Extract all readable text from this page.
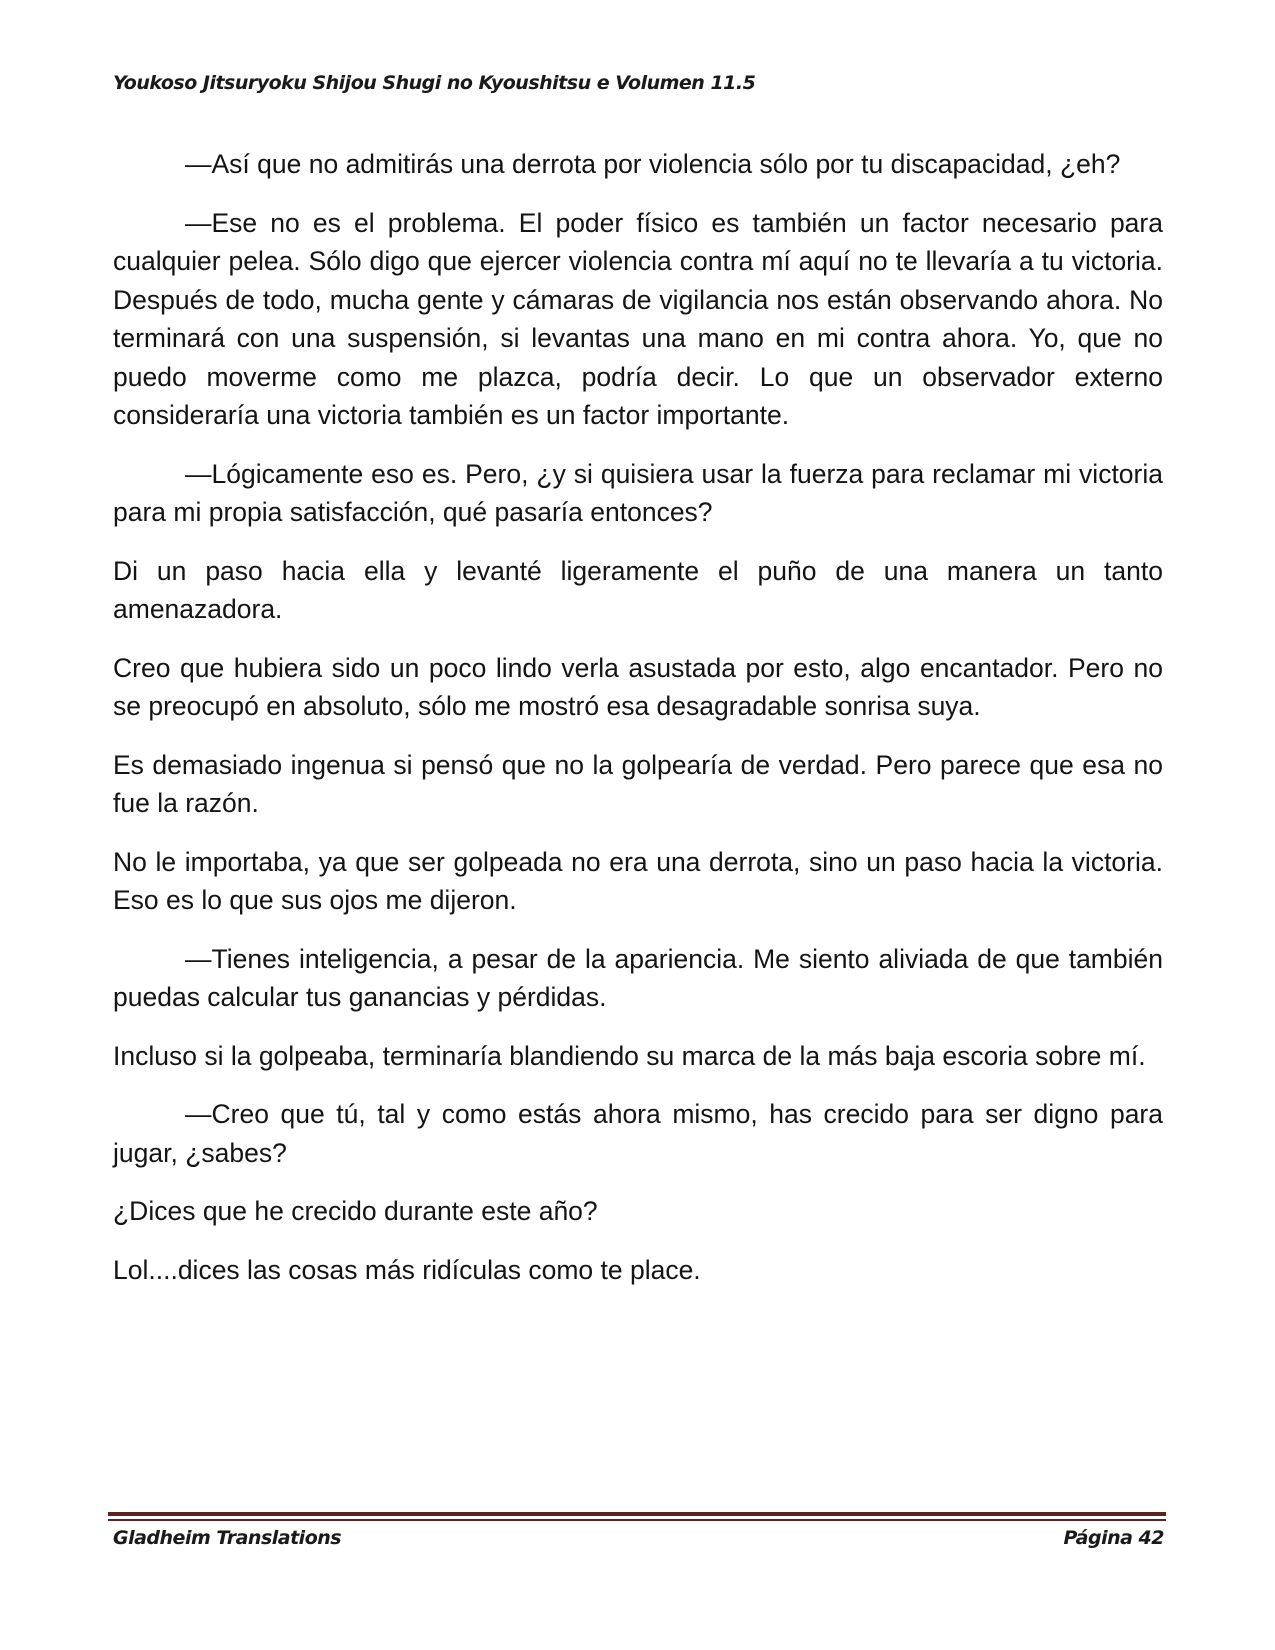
Youkoso Jitsuryoku Shijou Shugi no Kyoushitsu e Volumen 11.5

—Así que no admitirás una derrota por violencia sólo por tu discapacidad, ¿eh?

—Ese no es el problema. El poder físico es también un factor necesario para cualquier pelea. Sólo digo que ejercer violencia contra mí aquí no te llevaría a tu victoria. Después de todo, mucha gente y cámaras de vigilancia nos están observando ahora. No terminará con una suspensión, si levantas una mano en mi contra ahora. Yo, que no puedo moverme como me plazca, podría decir. Lo que un observador externo consideraría una victoria también es un factor importante.

—Lógicamente eso es. Pero, ¿y si quisiera usar la fuerza para reclamar mi victoria para mi propia satisfacción, qué pasaría entonces?

Di un paso hacia ella y levanté ligeramente el puño de una manera un tanto amenazadora.

Creo que hubiera sido un poco lindo verla asustada por esto, algo encantador. Pero no se preocupó en absoluto, sólo me mostró esa desagradable sonrisa suya.

Es demasiado ingenua si pensó que no la golpearía de verdad. Pero parece que esa no fue la razón.

No le importaba, ya que ser golpeada no era una derrota, sino un paso hacia la victoria. Eso es lo que sus ojos me dijeron.

—Tienes inteligencia, a pesar de la apariencia. Me siento aliviada de que también puedas calcular tus ganancias y pérdidas.

Incluso si la golpeaba, terminaría blandiendo su marca de la más baja escoria sobre mí.

—Creo que tú, tal y como estás ahora mismo, has crecido para ser digno para jugar, ¿sabes?

¿Dices que he crecido durante este año?

Lol....dices las cosas más ridículas como te place.

Gladheim Translations	Página 42
